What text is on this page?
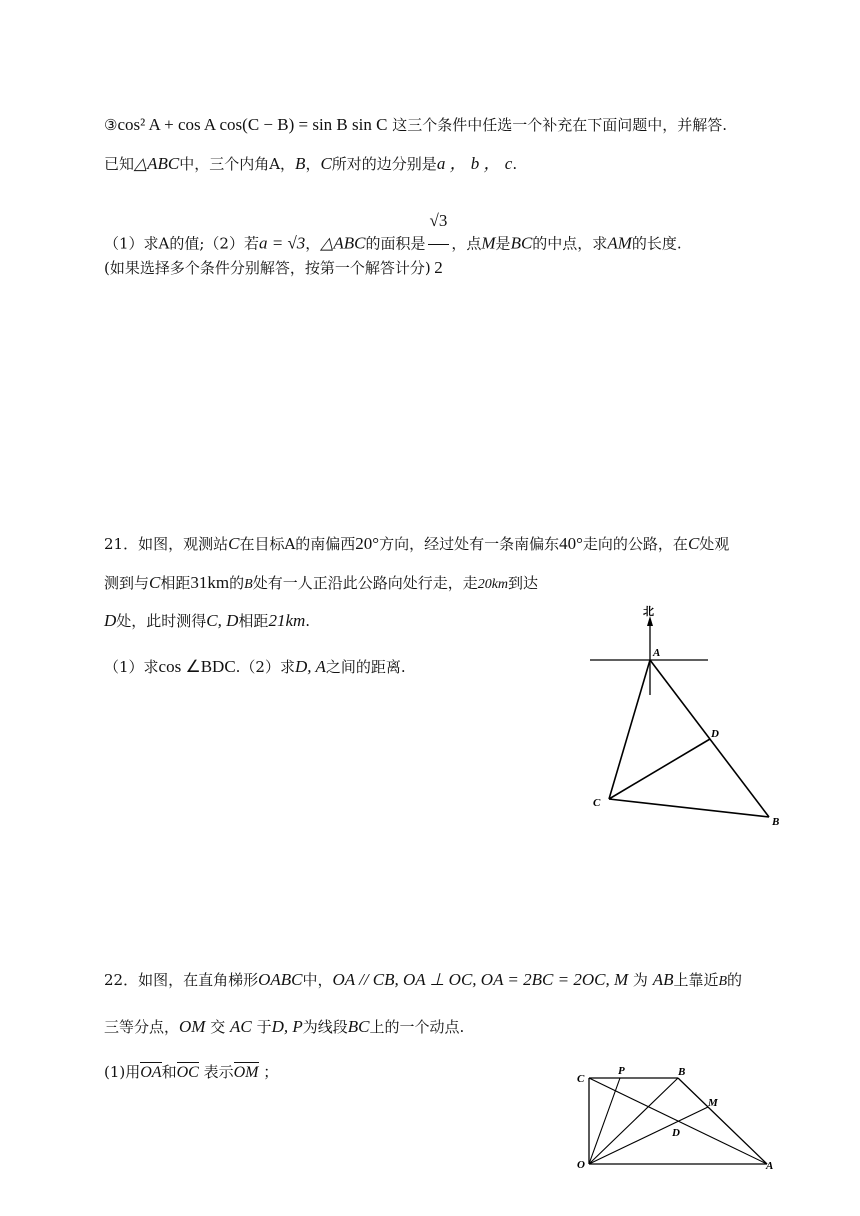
③cos² A + cos A cos(C − B) = sin B sin C 这三个条件中任选一个补充在下面问题中，并解答.
已知△ABC中，三个内角A，B，C所对的边分别是a ， b ， c.
（1）求A的值;（2）若a = √3，△ABC的面积是 $\frac{√3}{2}$ ，点M是BC的中点，求AM的长度.
(如果选择多个条件分别解答，按第一个解答计分)
21．如图，观测站C在目标A的南偏西20°方向，经过处有一条南偏东40°走向的公路，在C处观
测到与C相距31km的B处有一人正沿此公路向处行走，走20km到达
D处，此时测得C, D相距21km.
（1）求cos ∠BDC.（2）求D, A之间的距离.
北
A
D
C
B
22．如图，在直角梯形OABC中，OA // CB, OA ⊥ OC, OA = 2BC = 2OC, M 为 AB上靠近B的
三等分点，OM 交 AC 于D, P为线段BC上的一个动点.
(1)用OA和OC 表示OM ；	C
P	B
M
D
O	A
